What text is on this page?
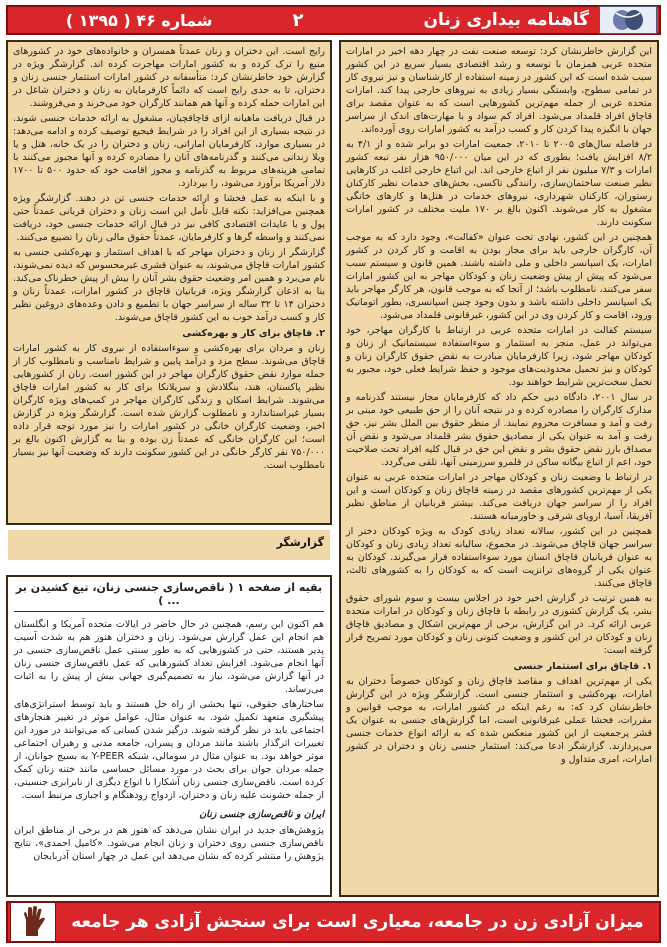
گاهنامه بیداری زنان
۲
شماره ۴۶ ( ۱۳۹۵ )

این گزارش خاطرنشان کرد: توسعه صنعت نفت در چهار دهه اخیر در امارات متحده عربی همزمان با توسعه و رشد اقتصادی بسیار سریع در این کشور سبب شده است که این کشور در زمینه استفاده از کارشناسان و نیز نیروی کار در تمامی سطوح، وابستگی بسیار زیادی به نیروهای خارجی پیدا کند. امارات متحده عربی از جمله مهم‌ترین کشورهایی است که به عنوان مقصد برای قاچاق افراد قلمداد می‌شود. افراد کم سواد و با مهارت‌های اندک از سراسر جهان با انگیزه پیدا کردن کار و کسب درآمد به کشور امارات روی آورده‌اند.

در فاصله سال‌های ۲۰۰۵ تا ۲۰۱۰، جمعیت امارات دو برابر شده و از ۴/۱ به ۸/۲ افزایش یافت؛ بطوری که در این میان ۹۵۰/۰۰۰ هزار نفر تبعه کشور امارات و ۷/۳ میلیون نفر از اتباع خارجی اند. این اتباع خارجی اغلب در کارهایی نظیر صنعت ساختمان‌سازی، رانندگی تاکسی، بخش‌های خدمات نظیر کارکنان رستوران، کارکنان شهرداری، نیروهای خدمات در هتل‌ها و کارهای خانگی مشغول به کار می‌شوند. اکنون بالغ بر ۱۷۰ ملیت مختلف در کشور امارات سکونت دارند.

همچنین در این کشور، نهادی تحت عنوان «کفالت»، وجود دارد که به موجب آن، کارگران خارجی باید برای مجاز بودن به اقامت و کار کردن در کشور امارات، یک اسپانسر داخلی و ملی داشته باشند. همین قانون و سیستم سبب می‌شود که پیش از پیش وضعیت زنان و کودکان مهاجر به این کشور امارات سفر می‌کنند، نامطلوب باشد؛ از آنجا که به موجب قانون، هر کارگر مهاجر باید یک اسپانسر داخلی داشته باشد و بدون وجود چنین اسپانسری، بطور اتوماتیک ورود، اقامت و کار کردن وی در این کشور، غیرقانونی قلمداد می‌شود.

سیستم کفالت در امارات متحده عربی در ارتباط با کارگران مهاجر، خود می‌تواند در عمل، منجر به استثمار و سوءاستفاده سیستماتیک از زنان و کودکان مهاجر شود، زیرا کارفرمایان مبادرت به نقض حقوق کارگران زنان و کودکان و نیز تحمیل محدودیت‌های موجود و حفظ شرایط فعلی خود، مجبور به تحمل سخت‌ترین شرایط خواهند بود.

در سال ۲۰۰۱، دادگاه دبی حکم داد که کارفرمایان مجاز نیستند گذرنامه و مدارک کارگران را مصادره کرده و در نتیجه آنان را از حق طبیعی خود مبنی بر رفت و آمد و مسافرت محروم نمایند. از منظر حقوق بین الملل بشر نیز، حق رفت و آمد به عنوان یکی از مصادیق حقوق بشر قلمداد می‌شود و نقض آن مصداق بارز نقض حقوق بشر و نقض این حق در قبال کلیه افراد تحت صلاحیت خود، اعم از اتباع بیگانه ساکن در قلمرو سرزمینی آنها، تلقی می‌گردد.

در ارتباط با وضعیت زنان و کودکان مهاجر در امارات متحده عربی به عنوان یکی از مهم‌ترین کشورهای مقصد در زمینه قاچاق زنان و کودکان است و این افراد را از سراسر جهان دریافت می‌کند. بیشتر قربانیان از مناطق نظیر آفریقا، آسیا، اروپای شرقی و خاورمیانه هستند.

همچنین در این کشور، سالانه تعداد زیادی کودک به ویژه کودکان دختر از سراسر جهان قاچاق می‌شوند. در مجموع، سالیانه تعداد زیادی زنان و کودکان به عنوان قربانیان قاچاق انسان مورد سوءاستفاده قرار می‌گیرند. کودکان به عنوان یکی از گروه‌های ترانزیت است که به کودکان را به کشورهای ثالث، قاچاق می‌کنند.

به همین ترتیب در گزارش اخیر خود در اجلاس بیست و سوم شورای حقوق بشر، یک گزارش کشوری در رابطه با قاچاق زنان و کودکان در امارات متحده عربی ارائه کرد. در این گزارش، برخی از مهم‌ترین اشکال و مصادیق قاچاق زنان و کودکان در این کشور و وضعیت کنونی زنان و کودکان مورد تصریح قرار گرفته است:

۱. قاچاق برای استثمار جنسی

یکی از مهم‌ترین اهداف و مقاصد قاچاق زنان و کودکان خصوصاً دختران به امارات، بهره‌کشی و استثمار جنسی است. گزارشگر ویژه در این گزارش خاطرنشان کرد که: به رغم اینکه در کشور امارات، به موجب قوانین و مقررات، فحشا عملی غیرقانونی است، اما گزارش‌های جنسی به عنوان یک قشر پرجمعیت از این کشور منعکس شده که به ارائه انواع خدمات جنسی می‌پردازند. گزارشگر ادعا می‌کند: استثمار جنسی زنان و دختران در کشور امارات، امری متداول و

رایج است. این دختران و زنان عمدتاً همسران و خانواده‌های خود در کشورهای منبع را ترک کرده و به کشور امارات مهاجرت کرده اند. گزارشگر ویژه در گزارش خود خاطرنشان کرد: متأسفانه در کشور امارات استثمار جنسی زنان و دختران، تا به حدی رایج است که دائماً کارفرمایان به زنان و دختران شاغل در این امارات حمله کرده و آنها هم همانند کارگران خود می‌خرند و می‌فروشند.

در قبال دریافت ماهیانه ازای قاچاقچیان، مشغول به ارائه خدمات جنسی شوند. در نتیجه بسیاری از این افراد را در شرایط فیجیع توصیف کرده و ادامه می‌دهد: در بسیاری موارد، کارفرمایان اماراتی، زنان و دختران را در یک خانه، هتل و یا ویلا زندانی می‌کنند و گذرنامه‌های آنان را مصادره کرده و آنها مجبور می‌کنند با تمامی هزینه‌های مربوط به گذرنامه و مجوز اقامت خود که حدود ۵۰۰ تا ۱۷۰۰ دلار آمریکا برآورد می‌شود، را بپردازد.

و با اینکه به عمل فحشا و ارائه خدمات جنسی تن در دهند. گزارشگر ویژه همچنین می‌افزاید: نکته قابل تأمل این است زنان و دختران قربانی عمدتاً حتی پول و یا عایدات اقتصادی کافی نیز در قبال ارائه خدمات جنسی خود، دریافت نمی‌کنند و واسطه گرها و کارفرمایان، عمدتاً حقوق مالی زنان را تضییع می‌کنند.

گزارشگر از زنان و دختران مهاجر که با اهداف استثمار و بهره‌کشی جنسی به کشور امارات قاچاق می‌شوند، به عنوان قشری غیرمحسوس که دیده نمی‌شوند، نام می‌برد و همین امر وضعیت حقوق بشر آنان را بیش از پیش خطرناک می‌کند. بنا به اذعان گزارشگر ویژه، قربانیان قاچاق در کشور امارات، عمدتاً زنان و دختران ۱۴ تا ۳۲ ساله از سراسر جهان با تطمیع و دادن وعده‌های دروغین نظیر کار و کسب درآمد خوب به این کشور قاچاق می‌شوند.

۲. قاچاق برای کار و بهره‌کشی

زنان و مردان برای بهره‌کشی و سوءاستفاده از نیروی کار به کشور امارات قاچاق می‌شوند. سطح مزد و درآمد پایین و شرایط نامناسب و نامطلوب کار از جمله موارد نقض حقوق کارگران مهاجر در این کشور است. زنان از کشورهایی نظیر پاکستان، هند، بنگلادش و سریلانکا برای کار به کشور امارات قاچاق می‌شوند. شرایط اسکان و زندگی کارگران مهاجر در کمپ‌های ویژه کارگران بسیار غیراستاندارد و نامطلوب گزارش شده است. گزارشگر ویژه در گزارش اخیر، وضعیت کارگران خانگی در کشور امارات را نیز مورد توجه قرار داده است؛ این کارگران خانگی که عمدتاً زن بوده و بنا به گزارش اکنون بالغ بر ۷۵۰/۰۰۰ نفر کارگر خانگی در این کشور سکونت دارند که وضعیت آنها نیز بسیار نامطلوب است.

گزارشگر
بقیه از صفحه ۱ ( ناقص‌سازی جنسی زنان، تیغ کشیدن بر ... )

هم اکنون این رسم، همچنین در حال حاضر در ایالات متحده آمریکا و انگلستان هم انجام این عمل گزارش می‌شود. زنان و دختران هنوز هم به شدت آسیب پذیر هستند، حتی در کشورهایی که به طور سنتی عمل ناقص‌سازی جنسی در آنها انجام می‌شود. افزایش تعداد کشورهایی که عمل ناقص‌سازی جنسی زنان در آنها گزارش می‌شود، نیاز به تصمیم‌گیری جهانی بیش از پیش را به اثبات می‌رساند.

ساختارهای حقوقی، تنها بخشی از راه حل هستند و باید توسط استراتژی‌های پیشگیری متعهد تکمیل شود. به عنوان مثال، عوامل موثر در تغییر هنجارهای اجتماعی باید در نظر گرفته شوند. درگیر شدن کسانی که می‌توانند در مورد این تغییرات اثرگذار باشند مانند مردان و پسران، جامعه مدنی و رهبران اجتماعی موثر خواهد بود. به عنوان مثال در سومالی، شبکه Y-PEER به بسیج جوانان، از جمله مردان جوان برای بحث در مورد مسائل حساسی مانند ختنه زنان کمک کرده است. ناقص‌سازی جنسی زنان آشکارا با انواع دیگری از نابرابری جنسیتی، از جمله خشونت علیه زنان و دختران، ازدواج زودهنگام و اجباری مرتبط است.

ایران و ناقص‌سازی جنسی زنان

پژوهش‌های جدید در ایران نشان می‌دهد که هنوز هم در برخی از مناطق ایران ناقص‌سازی جنسی روی دختران و زنان انجام می‌شود. «کامیل احمدی»، نتایج پژوهش را منتشر کرده که نشان می‌دهد این عمل در چهار استان آذربایجان

میزان آزادی زن در جامعه، معیاری است برای سنجش آزادی هر جامعه
